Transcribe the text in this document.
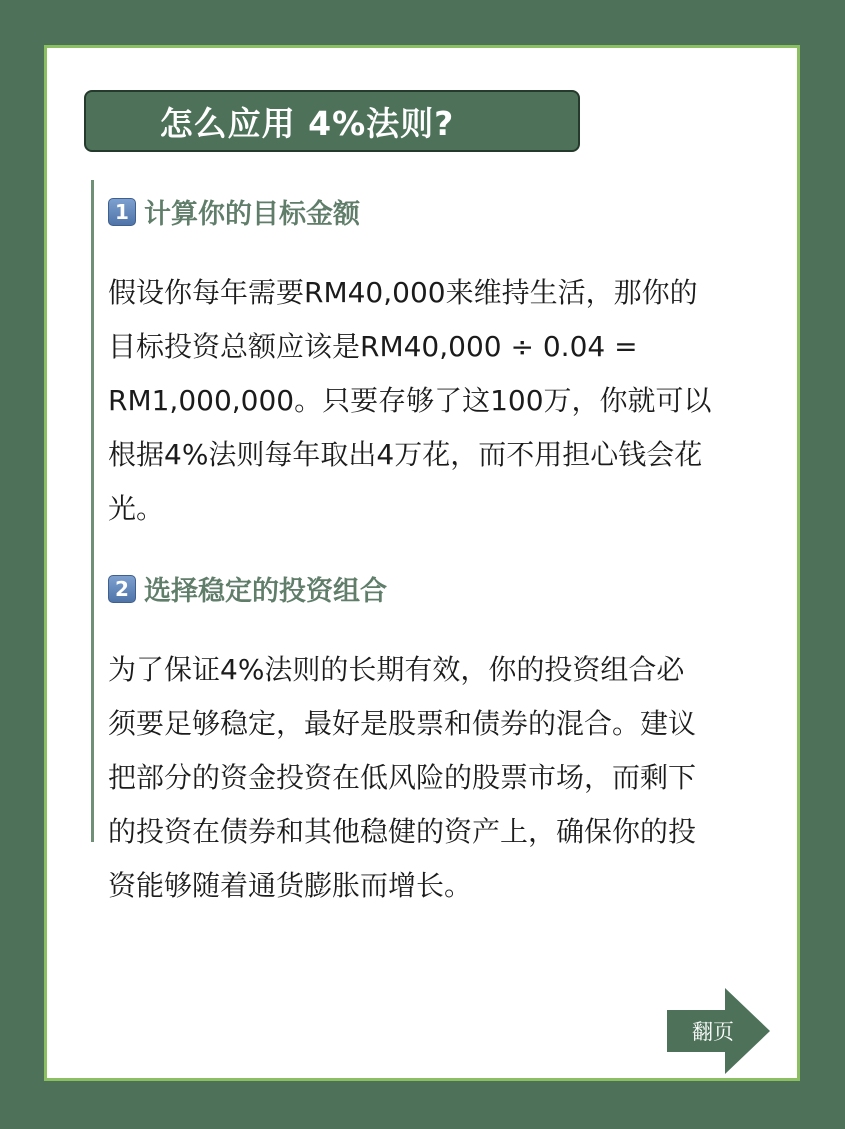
怎么应用 4%法则?
1 计算你的目标金额
假设你每年需要RM40,000来维持生活，那你的
目标投资总额应该是RM40,000 ÷ 0.04 =
RM1,000,000。只要存够了这100万，你就可以
根据4%法则每年取出4万花，而不用担心钱会花
光。
2 选择稳定的投资组合
为了保证4%法则的长期有效，你的投资组合必
须要足够稳定，最好是股票和债券的混合。建议
把部分的资金投资在低风险的股票市场，而剩下
的投资在债券和其他稳健的资产上，确保你的投
资能够随着通货膨胀而增长。
翻页
